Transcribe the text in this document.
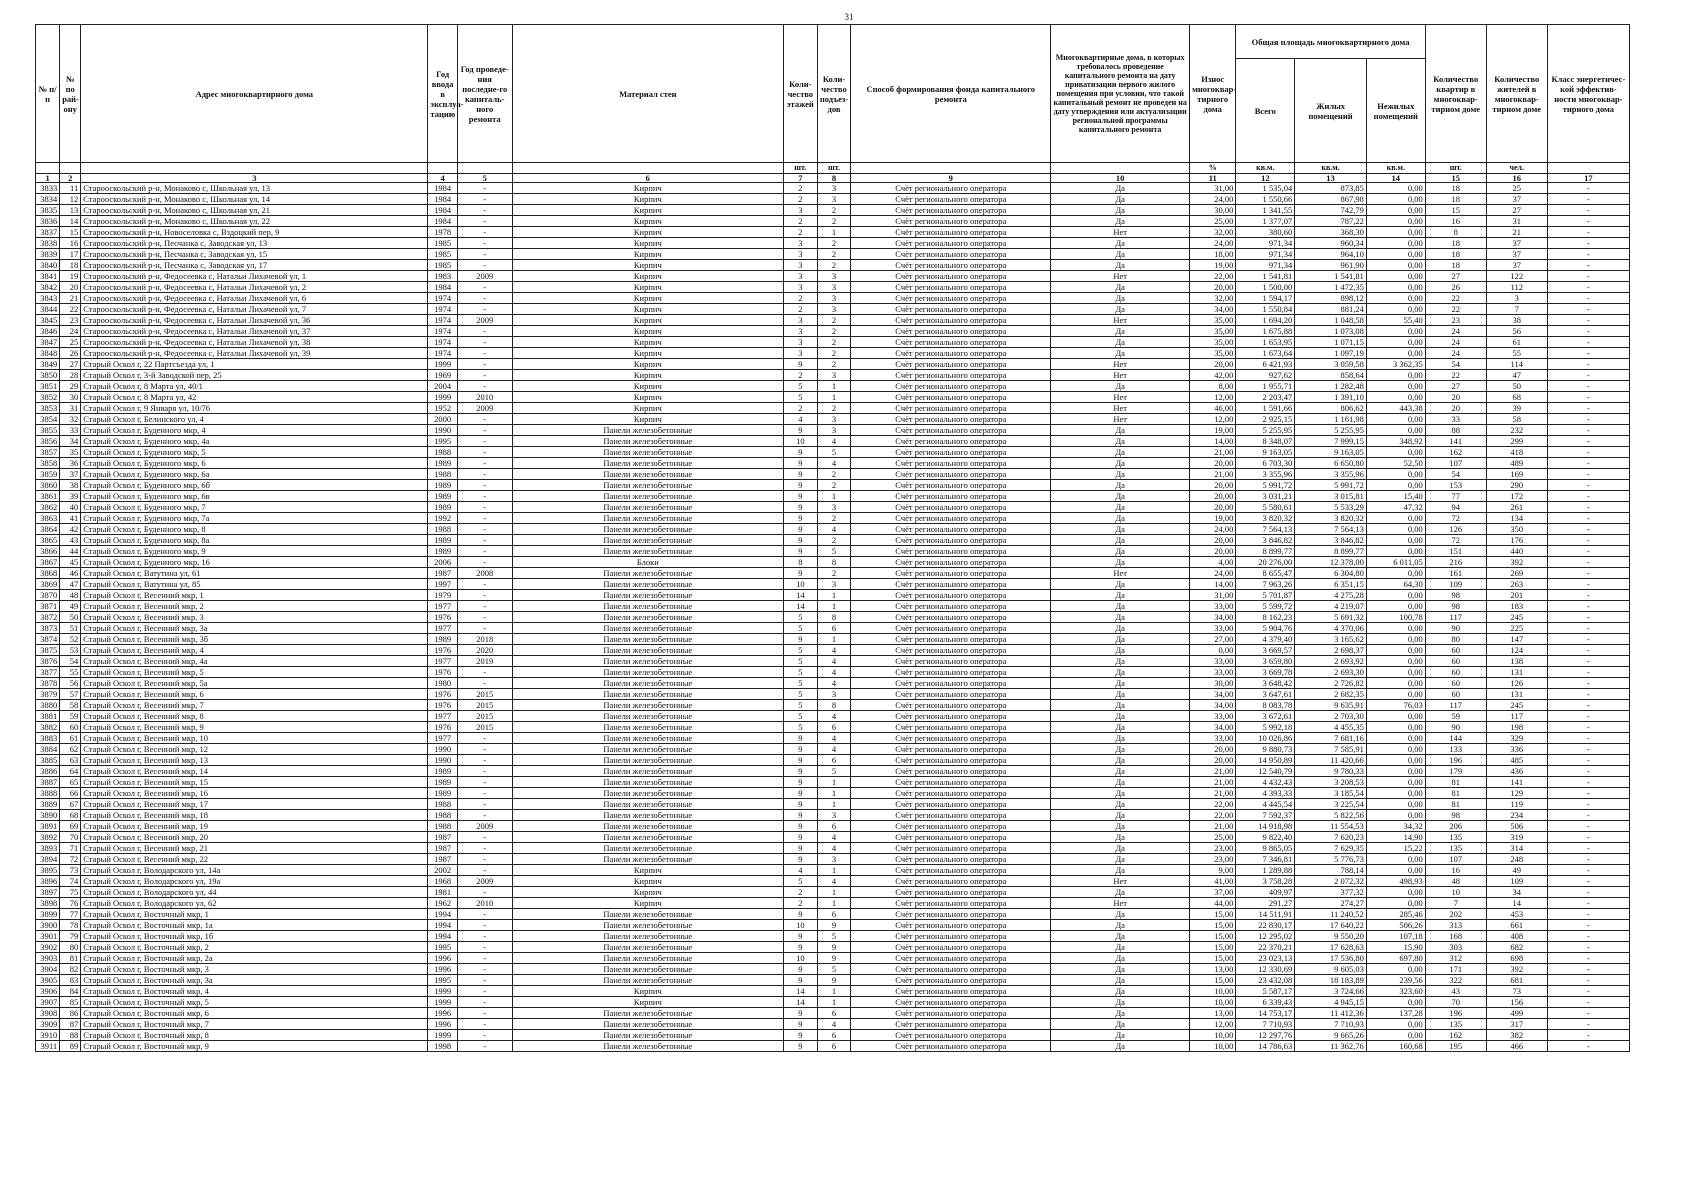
31
№ п/п	№ по рай-ону	Адрес многоквартирного дома	Год ввода в эксплуа-тацию	Год проведе-ния последне-го капиталь-ного ремонта	Материал стен	Коли-чество этажей	Коли-чество подъез-дов	Способ формирования фонда капитального ремонта	Многоквартирные дома, в которых требовалось проведение капитального ремонта на дату приватизации первого жилого помещения при условии, что такой капитальный ремонт не проведен на дату утверждения или актуализации региональной программы капитального ремонта	Износ многоквар-тирного дома	Общая площадь многоквартирного дома			Количество квартир в многоквар-тирном доме	Количество жителей в многоквар-тирном доме	Класс энергетичес-кой эффектив-ности многоквар-тирного дома
											Всего	Жилых помещений	Нежилых помещений			
						шт.	шт.			%	кв.м.	кв.м.	кв.м.	шт.	чел.	
1	2	3	4	5	6	7	8	9	10	11	12	13	14	15	16	17
3833	11	Старооскольский р-н, Монаково с, Школьная ул, 13	1984	-	Кирпич	2	3	Счёт регионального оператора	Да	31,00	1 535,04	873,85	0,00	18	25	-
3834	12	Старооскольский р-н, Монаково с, Школьная ул, 14	1984	-	Кирпич	2	3	Счёт регионального оператора	Да	24,00	1 550,66	867,98	0,00	18	37	-
3835	13	Старооскольский р-н, Монаково с, Школьная ул, 21	1984	-	Кирпич	3	2	Счёт регионального оператора	Да	30,00	1 341,55	742,79	0,00	15	27	-
3836	14	Старооскольский р-н, Монаково с, Школьная ул, 22	1984	-	Кирпич	2	2	Счёт регионального оператора	Да	25,00	1 377,07	787,22	0,00	16	31	-
3837	15	Старооскольский р-н, Новоселовка с, Вздоцкий пер, 9	1978	-	Кирпич	2	1	Счёт регионального оператора	Нет	32,00	380,60	368,30	0,00	8	21	-
3838	16	Старооскольский р-н, Песчанка с, Заводская ул, 13	1985	-	Кирпич	3	2	Счёт регионального оператора	Да	24,00	971,34	960,34	0,00	18	37	-
3839	17	Старооскольский р-н, Песчанка с, Заводская ул, 15	1985	-	Кирпич	3	2	Счёт регионального оператора	Да	18,00	971,34	964,10	0,00	18	37	-
3840	18	Старооскольский р-н, Песчанка с, Заводская ул, 17	1985	-	Кирпич	3	2	Счёт регионального оператора	Да	19,00	971,34	961,90	0,00	18	37	-
3841	19	Старооскольский р-н, Федосеевка с, Натальи Лихачевой ул, 1	1983	2009	Кирпич	3	3	Счёт регионального оператора	Нет	22,00	1 541,81	1 541,81	0,00	27	122	-
3842	20	Старооскольский р-н, Федосеевка с, Натальи Лихачевой ул, 2	1984	-	Кирпич	3	3	Счёт регионального оператора	Да	20,00	1 500,00	1 472,35	0,00	26	112	-
3843	21	Старооскольский р-н, Федосеевка с, Натальи Лихачевой ул, 6	1974	-	Кирпич	2	3	Счёт регионального оператора	Да	32,00	1 594,17	898,12	0,00	22	3	-
3844	22	Старооскольский р-н, Федосеевка с, Натальи Лихачевой ул, 7	1974	-	Кирпич	2	3	Счёт регионального оператора	Да	34,00	1 550,84	881,24	0,00	22	7	-
3845	23	Старооскольский р-н, Федосеевка с, Натальи Лихачевой ул, 36	1974	2009	Кирпич	3	2	Счёт регионального оператора	Нет	35,00	1 694,20	1 048,58	55,40	23	38	-
3846	24	Старооскольский р-н, Федосеевка с, Натальи Лихачевой ул, 37	1974	-	Кирпич	3	2	Счёт регионального оператора	Да	35,00	1 675,88	1 073,08	0,00	24	56	-
3847	25	Старооскольский р-н, Федосеевка с, Натальи Лихачевой ул, 38	1974	-	Кирпич	3	2	Счёт регионального оператора	Да	35,00	1 653,95	1 071,15	0,00	24	61	-
3848	26	Старооскольский р-н, Федосеевка с, Натальи Лихачевой ул, 39	1974	-	Кирпич	3	2	Счёт регионального оператора	Да	35,00	1 673,64	1 097,19	0,00	24	55	-
3849	27	Старый Оскол г, 22 Партсъезда ул, 1	1999	-	Кирпич	9	2	Счёт регионального оператора	Нет	20,00	6 421,93	3 059,58	3 362,35	54	114	-
3850	28	Старый Оскол г, 3-й Заводской пер, 25	1969	-	Кирпич	2	3	Счёт регионального оператора	Нет	42,00	927,62	858,64	0,00	22	47	-
3851	29	Старый Оскол г, 8 Марта ул, 40/1	2004	-	Кирпич	5	1	Счёт регионального оператора	Да	8,00	1 955,71	1 282,48	0,00	27	50	-
3852	30	Старый Оскол г, 8 Марта ул, 42	1999	2010	Кирпич	5	1	Счёт регионального оператора	Нет	12,00	2 203,47	1 391,10	0,00	20	68	-
3853	31	Старый Оскол г, 9 Января ул, 10/76	1952	2009	Кирпич	2	2	Счёт регионального оператора	Нет	46,00	1 591,66	806,62	443,38	20	39	-
3854	32	Старый Оскол г, Белинского ул, 4	2000	-	Кирпич	4	3	Счёт регионального оператора	Нет	12,00	2 925,15	1 161,98	0,00	33	58	-
3855	33	Старый Оскол г, Буденного мкр, 4	1990	-	Панели железобетонные	9	3	Счёт регионального оператора	Да	19,00	5 255,95	5 255,95	0,00	88	232	-
3856	34	Старый Оскол г, Буденного мкр, 4а	1995	-	Панели железобетонные	10	4	Счёт регионального оператора	Да	14,00	8 348,07	7 999,15	348,92	141	299	-
3857	35	Старый Оскол г, Буденного мкр, 5	1988	-	Панели железобетонные	9	5	Счёт регионального оператора	Да	21,00	9 163,05	9 163,05	0,00	162	418	-
3858	36	Старый Оскол г, Буденного мкр, 6	1989	-	Панели железобетонные	9	4	Счёт регионального оператора	Да	20,00	6 703,30	6 650,80	52,50	107	489	-
3859	37	Старый Оскол г, Буденного мкр, 6а	1988	-	Панели железобетонные	9	2	Счёт регионального оператора	Да	21,00	3 355,96	3 355,96	0,00	54	169	-
3860	38	Старый Оскол г, Буденного мкр, 6б	1989	-	Панели железобетонные	9	2	Счёт регионального оператора	Да	20,00	5 991,72	5 991,72	0,00	153	290	-
3861	39	Старый Оскол г, Буденного мкр, 6в	1989	-	Панели железобетонные	9	1	Счёт регионального оператора	Да	20,00	3 031,21	3 015,81	15,40	77	172	-
3862	40	Старый Оскол г, Буденного мкр, 7	1989	-	Панели железобетонные	9	3	Счёт регионального оператора	Да	20,00	5 580,61	5 533,29	47,32	94	261	-
3863	41	Старый Оскол г, Буденного мкр, 7а	1992	-	Панели железобетонные	9	2	Счёт регионального оператора	Да	19,00	3 820,32	3 820,32	0,00	72	134	-
3864	42	Старый Оскол г, Буденного мкр, 8	1988	-	Панели железобетонные	9	4	Счёт регионального оператора	Да	24,00	7 564,13	7 564,13	0,00	126	350	-
3865	43	Старый Оскол г, Буденного мкр, 8а	1989	-	Панели железобетонные	9	2	Счёт регионального оператора	Да	20,00	3 846,82	3 846,82	0,00	72	176	-
3866	44	Старый Оскол г, Буденного мкр, 9	1989	-	Панели железобетонные	9	5	Счёт регионального оператора	Да	20,00	8 899,77	8 899,77	0,00	151	440	-
3867	45	Старый Оскол г, Буденного мкр, 16	2006	-	Блоки	8	8	Счёт регионального оператора	Да	4,00	20 276,00	12 378,00	6 011,05	216	392	-
3868	46	Старый Оскол г, Ватутина ул, 61	1987	2008	Панели железобетонные	9	2	Счёт регионального оператора	Нет	24,00	8 655,47	6 304,80	0,00	161	269	-
3869	47	Старый Оскол г, Ватутина ул, 85	1997	-	Панели железобетонные	10	3	Счёт регионального оператора	Да	14,00	7 963,26	6 351,15	64,30	109	263	-
3870	48	Старый Оскол г, Весенний мкр, 1	1979	-	Панели железобетонные	14	1	Счёт регионального оператора	Да	31,00	5 701,87	4 275,28	0,00	98	201	-
3871	49	Старый Оскол г, Весенний мкр, 2	1977	-	Панели железобетонные	14	1	Счёт регионального оператора	Да	33,00	5 599,72	4 219,07	0,00	98	183	-
3872	50	Старый Оскол г, Весенний мкр, 3	1976	-	Панели железобетонные	5	8	Счёт регионального оператора	Да	34,00	8 162,23	5 691,32	100,78	117	245	-
3873	51	Старый Оскол г, Весенний мкр, 3а	1977	-	Панели железобетонные	5	6	Счёт регионального оператора	Да	33,00	5 904,76	4 370,06	0,00	90	225	-
3874	52	Старый Оскол г, Весенний мкр, 3б	1989	2018	Панели железобетонные	9	1	Счёт регионального оператора	Да	27,00	4 379,40	3 165,62	0,00	80	147	-
3875	53	Старый Оскол г, Весенний мкр, 4	1976	2020	Панели железобетонные	5	4	Счёт регионального оператора	Да	0,00	3 669,57	2 698,37	0,00	60	124	-
3876	54	Старый Оскол г, Весенний мкр, 4а	1977	2019	Панели железобетонные	5	4	Счёт регионального оператора	Да	33,00	3 659,80	2 693,92	0,00	60	138	-
3877	55	Старый Оскол г, Весенний мкр, 5	1976	-	Панели железобетонные	5	4	Счёт регионального оператора	Да	33,00	3 669,78	2 693,30	0,00	60	131	-
3878	56	Старый Оскол г, Весенний мкр, 5а	1980	-	Панели железобетонные	5	4	Счёт регионального оператора	Да	30,00	3 648,42	2 726,82	0,00	60	126	-
3879	57	Старый Оскол г, Весенний мкр, 6	1976	2015	Панели железобетонные	5	3	Счёт регионального оператора	Да	34,00	3 647,61	2 682,35	0,00	60	131	-
3880	58	Старый Оскол г, Весенний мкр, 7	1976	2015	Панели железобетонные	5	8	Счёт регионального оператора	Да	34,00	8 083,78	9 635,91	76,03	117	245	-
3881	59	Старый Оскол г, Весенний мкр, 8	1977	2015	Панели железобетонные	5	4	Счёт регионального оператора	Да	33,00	3 672,61	2 703,30	0,00	59	117	-
3882	60	Старый Оскол г, Весенний мкр, 9	1976	2015	Панели железобетонные	5	6	Счёт регионального оператора	Да	34,00	5 992,18	4 455,35	0,00	90	198	-
3883	61	Старый Оскол г, Весенний мкр, 10	1977	-	Панели железобетонные	9	4	Счёт регионального оператора	Да	33,00	10 026,86	7 681,16	0,00	144	329	-
3884	62	Старый Оскол г, Весенний мкр, 12	1990	-	Панели железобетонные	9	4	Счёт регионального оператора	Да	20,00	9 880,73	7 585,91	0,00	133	336	-
3885	63	Старый Оскол г, Весенний мкр, 13	1990	-	Панели железобетонные	9	6	Счёт регионального оператора	Да	20,00	14 950,89	11 420,66	0,00	196	485	-
3886	64	Старый Оскол г, Весенний мкр, 14	1989	-	Панели железобетонные	9	5	Счёт регионального оператора	Да	21,00	12 540,79	9 780,33	0,00	179	436	-
3887	65	Старый Оскол г, Весенний мкр, 15	1989	-	Панели железобетонные	9	1	Счёт регионального оператора	Да	21,00	4 432,43	3 208,53	0,00	81	141	-
3888	66	Старый Оскол г, Весенний мкр, 16	1989	-	Панели железобетонные	9	1	Счёт регионального оператора	Да	21,00	4 393,33	3 185,54	0,00	81	129	-
3889	67	Старый Оскол г, Весенний мкр, 17	1988	-	Панели железобетонные	9	1	Счёт регионального оператора	Да	22,00	4 445,54	3 225,54	0,00	81	119	-
3890	68	Старый Оскол г, Весенний мкр, 18	1988	-	Панели железобетонные	9	3	Счёт регионального оператора	Да	22,00	7 592,37	5 822,56	0,00	98	234	-
3891	69	Старый Оскол г, Весенний мкр, 19	1988	2009	Панели железобетонные	9	6	Счёт регионального оператора	Да	21,00	14 918,98	11 554,53	34,32	206	506	-
3892	70	Старый Оскол г, Весенний мкр, 20	1987	-	Панели железобетонные	9	4	Счёт регионального оператора	Да	25,00	9 822,40	7 620,23	14,90	135	319	-
3893	71	Старый Оскол г, Весенний мкр, 21	1987	-	Панели железобетонные	9	4	Счёт регионального оператора	Да	23,00	9 865,05	7 629,35	15,22	135	314	-
3894	72	Старый Оскол г, Весенний мкр, 22	1987	-	Панели железобетонные	9	3	Счёт регионального оператора	Да	23,00	7 346,81	5 776,73	0,00	107	248	-
3895	73	Старый Оскол г, Володарского ул, 14а	2002	-	Кирпич	4	1	Счёт регионального оператора	Да	9,00	1 289,88	788,14	0,00	16	49	-
3896	74	Старый Оскол г, Володарского ул, 19а	1968	2009	Кирпич	5	4	Счёт регионального оператора	Нет	41,00	3 758,28	2 072,32	498,93	48	109	-
3897	75	Старый Оскол г, Володарского ул, 44	1981	-	Кирпич	2	1	Счёт регионального оператора	Да	37,00	409,97	377,32	0,00	10	34	-
3898	76	Старый Оскол г, Володарского ул, 62	1962	2010	Кирпич	2	1	Счёт регионального оператора	Нет	44,00	291,27	274,27	0,00	7	14	-
3899	77	Старый Оскол г, Восточный мкр, 1	1994	-	Панели железобетонные	9	6	Счёт регионального оператора	Да	15,00	14 511,91	11 240,52	285,46	202	453	-
3900	78	Старый Оскол г, Восточный мкр, 1а	1994	-	Панели железобетонные	10	9	Счёт регионального оператора	Да	15,00	22 830,17	17 640,22	506,26	313	661	-
3901	79	Старый Оскол г, Восточный мкр, 1б	1994	-	Панели железобетонные	9	5	Счёт регионального оператора	Да	15,00	12 295,02	9 550,20	107,18	168	408	-
3902	80	Старый Оскол г, Восточный мкр, 2	1995	-	Панели железобетонные	9	9	Счёт регионального оператора	Да	15,00	22 370,21	17 628,63	15,90	303	682	-
3903	81	Старый Оскол г, Восточный мкр, 2а	1996	-	Панели железобетонные	10	9	Счёт регионального оператора	Да	15,00	23 023,13	17 536,80	697,80	312	698	-
3904	82	Старый Оскол г, Восточный мкр, 3	1996	-	Панели железобетонные	9	5	Счёт регионального оператора	Да	13,00	12 330,69	9 605,03	0,00	171	392	-
3905	83	Старый Оскол г, Восточный мкр, 3а	1995	-	Панели железобетонные	9	9	Счёт регионального оператора	Да	15,00	23 432,08	18 183,89	239,56	322	681	-
3906	84	Старый Оскол г, Восточный мкр, 4	1999	-	Кирпич	14	1	Счёт регионального оператора	Да	10,00	5 587,17	3 724,66	323,60	43	73	-
3907	85	Старый Оскол г, Восточный мкр, 5	1999	-	Кирпич	14	1	Счёт регионального оператора	Да	10,00	6 339,43	4 945,15	0,00	70	156	-
3908	86	Старый Оскол г, Восточный мкр, 6	1996	-	Панели железобетонные	9	6	Счёт регионального оператора	Да	13,00	14 753,17	11 412,36	137,28	196	499	-
3909	87	Старый Оскол г, Восточный мкр, 7	1996	-	Панели железобетонные	9	4	Счёт регионального оператора	Да	12,00	7 710,93	7 710,93	0,00	135	317	-
3910	88	Старый Оскол г, Восточный мкр, 8	1999	-	Панели железобетонные	9	6	Счёт регионального оператора	Да	10,00	12 297,76	9 665,26	0,00	162	382	-
3911	89	Старый Оскол г, Восточный мкр, 9	1998	-	Панели железобетонные	9	6	Счёт регионального оператора	Да	10,00	14 786,63	11 362,76	160,68	195	466	-
